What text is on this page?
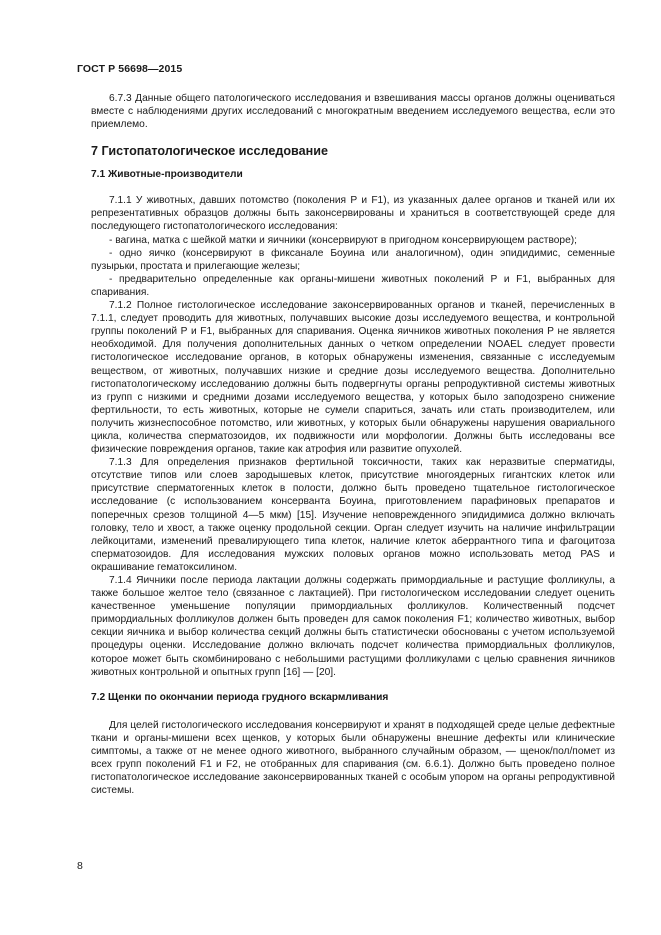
ГОСТ Р 56698—2015

6.7.3 Данные общего патологического исследования и взвешивания массы органов должны оцениваться вместе с наблюдениями других исследований с многократным введением исследуемого вещества, если это приемлемо.

7 Гистопатологическое исследование
7.1 Животные-производители

7.1.1 У животных, давших потомство (поколения Р и F1), из указанных далее органов и тканей или их репрезентативных образцов должны быть законсервированы и храниться в соответствующей среде для последующего гистопатологического исследования:

- вагина, матка с шейкой матки и яичники (консервируют в пригодном консервирующем растворе);

- одно яичко (консервируют в фиксанале Боуина или аналогичном), один эпидидимис, семенные пузырьки, простата и прилегающие железы;

- предварительно определенные как органы-мишени животных поколений Р и F1, выбранных для спаривания.

7.1.2 Полное гистологическое исследование законсервированных органов и тканей, перечисленных в 7.1.1, следует проводить для животных, получавших высокие дозы исследуемого вещества, и контрольной группы поколений Р и F1, выбранных для спаривания. Оценка яичников животных поколения Р не является необходимой. Для получения дополнительных данных о четком определении NOAEL следует провести гистологическое исследование органов, в которых обнаружены изменения, связанные с исследуемым веществом, от животных, получавших низкие и средние дозы исследуемого вещества. Дополнительно гистопатологическому исследованию должны быть подвергнуты органы репродуктивной системы животных из групп с низкими и средними дозами исследуемого вещества, у которых было заподозрено снижение фертильности, то есть животных, которые не сумели спариться, зачать или стать производителем, или получить жизнеспособное потомство, или животных, у которых были обнаружены нарушения овариального цикла, количества сперматозоидов, их подвижности или морфологии. Должны быть исследованы все физические повреждения органов, такие как атрофия или развитие опухолей.

7.1.3 Для определения признаков фертильной токсичности, таких как неразвитые сперматиды, отсутствие типов или слоев зародышевых клеток, присутствие многоядерных гигантских клеток или присутствие сперматогенных клеток в полости, должно быть проведено тщательное гистологическое исследование (с использованием консерванта Боуина, приготовлением парафиновых препаратов и поперечных срезов толщиной 4—5 мкм) [15]. Изучение неповрежденного эпидидимиса должно включать головку, тело и хвост, а также оценку продольной секции. Орган следует изучить на наличие инфильтрации лейкоцитами, изменений превалирующего типа клеток, наличие клеток аберрантного типа и фагоцитоза сперматозоидов. Для исследования мужских половых органов можно использовать метод PAS и окрашивание гематоксилином.

7.1.4 Яичники после периода лактации должны содержать примордиальные и растущие фолликулы, а также большое желтое тело (связанное с лактацией). При гистологическом исследовании следует оценить качественное уменьшение популяции примордиальных фолликулов. Количественный подсчет примордиальных фолликулов должен быть проведен для самок поколения F1; количество животных, выбор секции яичника и выбор количества секций должны быть статистически обоснованы с учетом используемой процедуры оценки. Исследование должно включать подсчет количества примордиальных фолликулов, которое может быть скомбинировано с небольшими растущими фолликулами с целью сравнения яичников животных контрольной и опытных групп [16] — [20].

7.2 Щенки по окончании периода грудного вскармливания

Для целей гистологического исследования консервируют и хранят в подходящей среде целые дефектные ткани и органы-мишени всех щенков, у которых были обнаружены внешние дефекты или клинические симптомы, а также от не менее одного животного, выбранного случайным образом, — щенок/пол/помет из всех групп поколений F1 и F2, не отобранных для спаривания (см. 6.6.1). Должно быть проведено полное гистопатологическое исследование законсервированных тканей с особым упором на органы репродуктивной системы.

8
